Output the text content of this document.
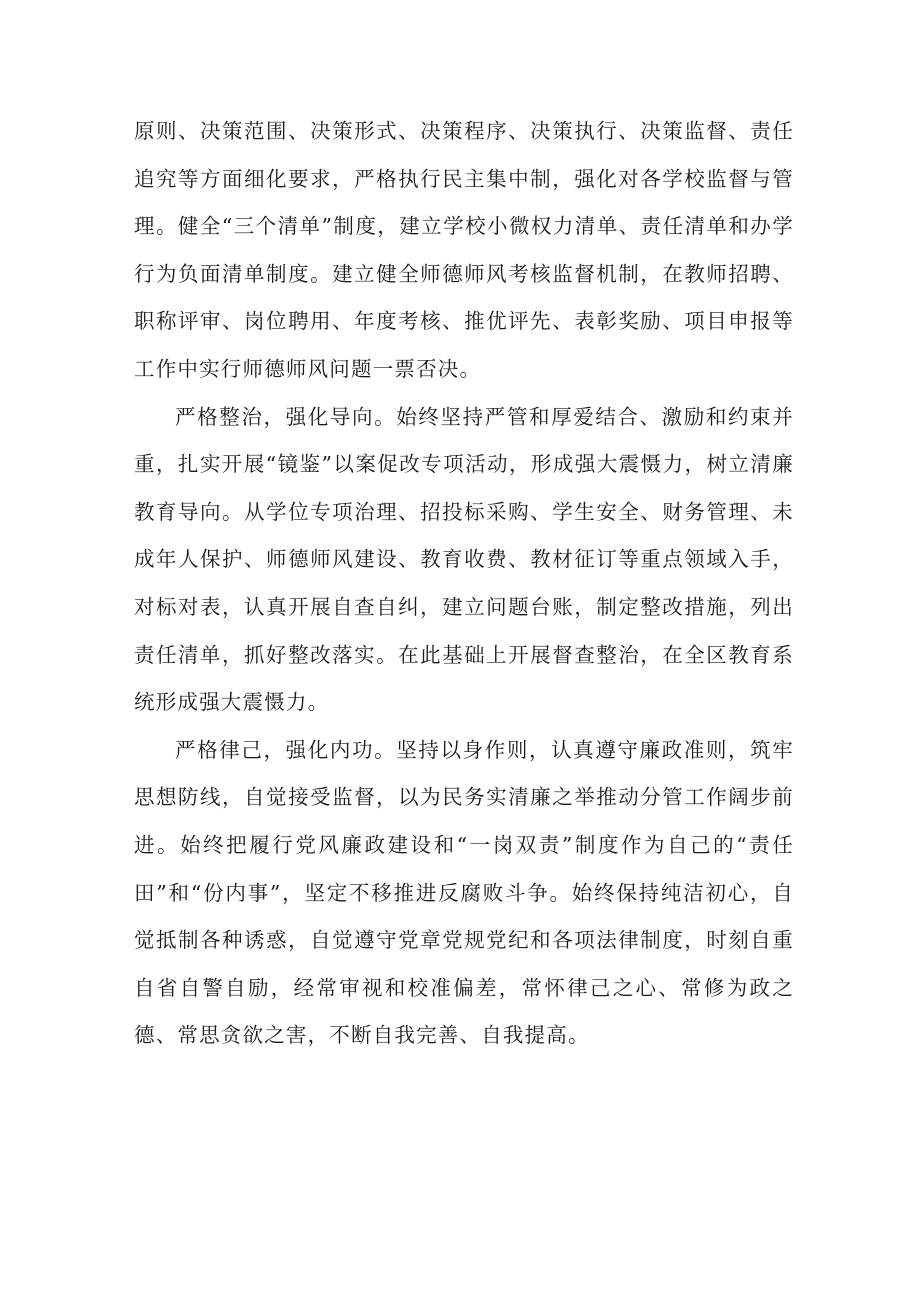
原则、决策范围、决策形式、决策程序、决策执行、决策监督、责任追究等方面细化要求，严格执行民主集中制，强化对各学校监督与管理。健全“三个清单”制度，建立学校小微权力清单、责任清单和办学行为负面清单制度。建立健全师德师风考核监督机制，在教师招聘、职称评审、岗位聘用、年度考核、推优评先、表彰奖励、项目申报等工作中实行师德师风问题一票否决。

严格整治，强化导向。始终坚持严管和厚爱结合、激励和约束并重，扎实开展“镜鉴”以案促改专项活动，形成强大震慑力，树立清廉教育导向。从学位专项治理、招投标采购、学生安全、财务管理、未成年人保护、师德师风建设、教育收费、教材征订等重点领域入手，对标对表，认真开展自查自纠，建立问题台账，制定整改措施，列出责任清单，抓好整改落实。在此基础上开展督查整治，在全区教育系统形成强大震慑力。

严格律己，强化内功。坚持以身作则，认真遵守廉政准则，筑牢思想防线，自觉接受监督，以为民务实清廉之举推动分管工作阔步前进。始终把履行党风廉政建设和“一岗双责”制度作为自己的“责任田”和“份内事”，坚定不移推进反腐败斗争。始终保持纯洁初心，自觉抵制各种诱惑，自觉遵守党章党规党纪和各项法律制度，时刻自重自省自警自励，经常审视和校准偏差，常怀律己之心、常修为政之德、常思贪欲之害，不断自我完善、自我提高。
